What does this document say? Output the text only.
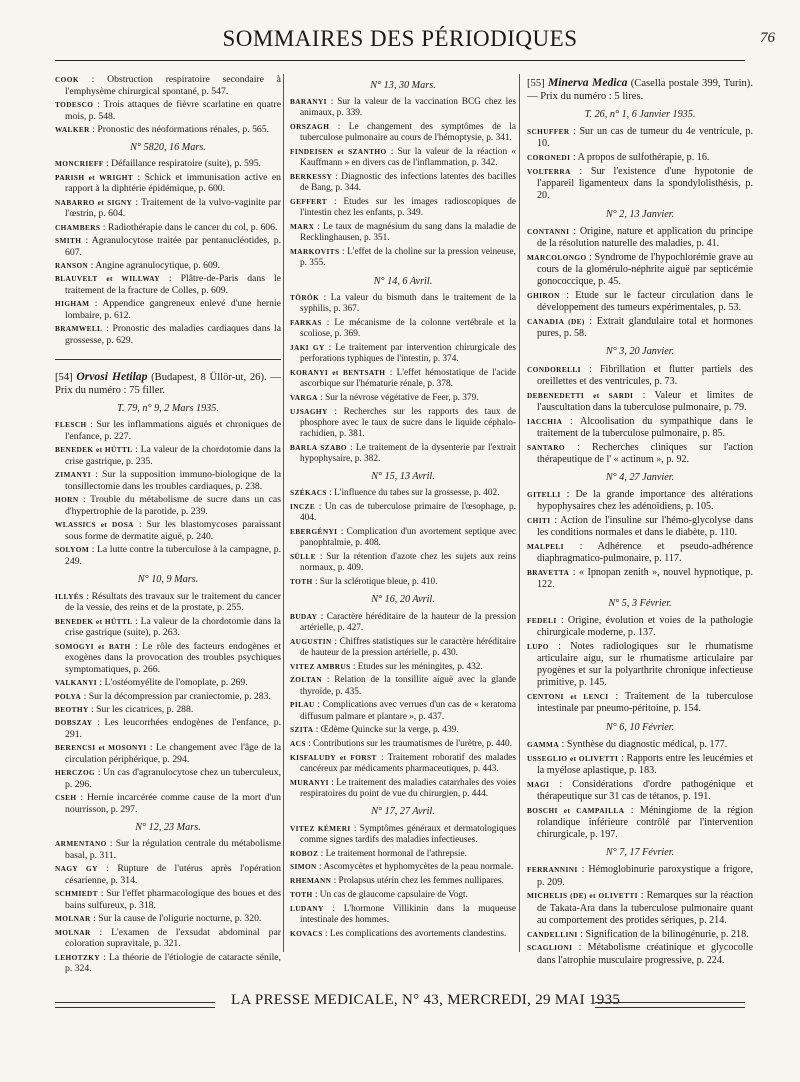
SOMMAIRES DES PÉRIODIQUES	76

COOK : Obstruction respiratoire secondaire à l'emphysème chirurgical spontané, p. 547.

TODESCO : Trois attaques de fièvre scarlatine en quatre mois, p. 548.

WALKER : Pronostic des néoformations rénales, p. 565.

N° 5820, 16 Mars.

MONCRIEFF : Défaillance respiratoire (suite), p. 595.

PARISH et WRIGHT : Schick et immunisation active en rapport à la diphtérie épidémique, p. 600.

NABARRO et SIGNY : Traitement de la vulvo-vaginite par l'œstrin, p. 604.

CHAMBERS : Radiothérapie dans le cancer du col, p. 606.

SMITH : Agranulocytose traitée par pentanucléotides, p. 607.

RANSON : Angine agranulocytique, p. 609.

BLAUVELT et WILLWAY : Plâtre-de-Paris dans le traitement de la fracture de Colles, p. 609.

HIGHAM : Appendice gangreneux enlevé d'une hernie lombaire, p. 612.

BRAMWELL : Pronostic des maladies cardiaques dans la grossesse, p. 629.

[54] Orvosi Hetilap (Budapest, 8 Üllör-ut, 26). — Prix du numéro : 75 filler.

T. 79, n° 9, 2 Mars 1935.

FLESCH : Sur les inflammations aiguës et chroniques de l'enfance, p. 227.

BENEDEK et HÜTTL : La valeur de la chordotomie dans la crise gastrique, p. 235.

ZIMANYI : Sur la supposition immuno-biologique de la tonsillectomie dans les troubles cardiaques, p. 238.

HORN : Trouble du métabolisme de sucre dans un cas d'hypertrophie de la parotide, p. 239.

WLASSICS et DOSA : Sur les blastomycoses paraissant sous forme de dermatite aiguë, p. 240.

SOLYOM : La lutte contre la tuberculose à la campagne, p. 249.

N° 10, 9 Mars.

ILLYÉS : Résultats des travaux sur le traitement du cancer de la vessie, des reins et de la prostate, p. 255.

BENEDEK et HÜTTL : La valeur de la chordotomie dans la crise gastrique (suite), p. 263.

SOMOGYI et BATH : Le rôle des facteurs endogènes et exogènes dans la provocation des troubles psychiques symptomatiques, p. 266.

VALKANYI : L'ostéomyélite de l'omoplate, p. 269.

POLYA : Sur la décompression par craniectomie, p. 283.

BEOTHY : Sur les cicatrices, p. 288.

DOBSZAY : Les leucorrhées endogènes de l'enfance, p. 291.

BERENCSI et MOSONYI : Le changement avec l'âge de la circulation périphérique, p. 294.

HERCZOG : Un cas d'agranulocytose chez un tuberculeux, p. 296.

CSEH : Hernie incarcérée comme cause de la mort d'un nourrisson, p. 297.

N° 12, 23 Mars.

ARMENTANO : Sur la régulation centrale du métabolisme basal, p. 311.

NAGY GY : Rupture de l'utérus après l'opération césarienne, p. 314.

SCHMIEDT : Sur l'effet pharmacologique des boues et des bains sulfureux, p. 318.

MOLNAR : Sur la cause de l'oligurie nocturne, p. 320.

MOLNAR : L'examen de l'exsudat abdominal par coloration supravitale, p. 321.

LEHOTZKY : La théorie de l'étiologie de cataracte sénile, p. 324.

N° 13, 30 Mars.

BARANYI : Sur la valeur de la vaccination BCG chez les animaux, p. 339.

ORSZAGH : Le changement des symptômes de la tuberculose pulmonaire au cours de l'hémoptysie, p. 341.

FINDEISEN et SZANTHO : Sur la valeur de la réaction « Kauffmann » en divers cas de l'inflammation, p. 342.

BERKESSY : Diagnostic des infections latentes des bacilles de Bang, p. 344.

GEFFERT : Etudes sur les images radioscopiques de l'intestin chez les enfants, p. 349.

MARX : Le taux de magnésium du sang dans la maladie de Recklinghausen, p. 351.

MARKOVITS : L'effet de la choline sur la pression veineuse, p. 355.

N° 14, 6 Avril.

TÖRÖK : La valeur du bismuth dans le traitement de la syphilis, p. 367.

FARKAS : Le mécanisme de la colonne vertébrale et la scoliose, p. 369.

JAKI GY : Le traitement par intervention chirurgicale des perforations typhiques de l'intestin, p. 374.

KORANYI et BENTSATH : L'effet hémostatique de l'acide ascorbique sur l'hématurie rénale, p. 378.

VARGA : Sur la névrose végétative de Feer, p. 379.

UJSAGHY : Recherches sur les rapports des taux de phosphore avec le taux de sucre dans le liquide céphalo-rachidien, p. 381.

BARLA SZABO : Le traitement de la dysenterie par l'extrait hypophysaire, p. 382.

N° 15, 13 Avril.

SZÉKACS : L'influence du tabes sur la grossesse, p. 402.

INCZE : Un cas de tuberculose primaire de l'œsophage, p. 404.

EBERGÉNYI : Complication d'un avortement septique avec panophtalmie, p. 408.

SÜLLE : Sur la rétention d'azote chez les sujets aux reins normaux, p. 409.

TOTH : Sur la sclérotique bleue, p. 410.

N° 16, 20 Avril.

BUDAY : Caractère héréditaire de la hauteur de la pression artérielle, p. 427.

AUGUSTIN : Chiffres statistiques sur le caractère héréditaire de hauteur de la pression artérielle, p. 430.

VITEZ AMBRUS : Etudes sur les méningites, p. 432.

ZOLTAN : Relation de la tonsillite aiguë avec la glande thyroïde, p. 435.

PILAU : Complications avec verrues d'un cas de « keratoma diffusum palmare et plantare », p. 437.

SZITA : Œdème Quincke sur la verge, p. 439.

ACS : Contributions sur les traumatismes de l'urètre, p. 440.

KISFALUDY et FORST : Traitement roboratif des malades cancéreux par médicaments pharmaceutiques, p. 443.

MURANYI : Le traitement des maladies catarrhales des voies respiratoires du point de vue du chirurgien, p. 444.

N° 17, 27 Avril.

VITEZ KÉMERI : Symptômes généraux et dermatologiques comme signes tardifs des maladies infectieuses.

ROBOZ : Le traitement hormonal de l'athrepsie.

SIMON : Ascomycètes et hyphomycètes de la peau normale.

RHEMANN : Prolapsus utérin chez les femmes nullipares.

TOTH : Un cas de glaucome capsulaire de Vogt.

LUDANY : L'hormone Villikinin dans la muqueuse intestinale des hommes.

KOVACS : Les complications des avortements clandestins.

[55] Minerva Medica (Casella postale 399, Turin). — Prix du numéro : 5 lires.

T. 26, n° 1, 6 Janvier 1935.

SCHUFFER : Sur un cas de tumeur du 4e ventricule, p. 10.

CORONEDI : A propos de sulfothérapie, p. 16.

VOLTERRA : Sur l'existence d'une hypotonie de l'appareil ligamenteux dans la spondylolisthésis, p. 20.

N° 2, 13 Janvier.

CONTANNI : Origine, nature et application du principe de la résolution naturelle des maladies, p. 41.

MARCOLONGO : Syndrome de l'hypochlorémie grave au cours de la glomérulo-néphrite aiguë par septicémie gonococcique, p. 45.

GHIRON : Etude sur le facteur circulation dans le développement des tumeurs expérimentales, p. 53.

CANADIA (DE) : Extrait glandulaire total et hormones pures, p. 58.

N° 3, 20 Janvier.

CONDORELLI : Fibrillation et flutter partiels des oreillettes et des ventricules, p. 73.

DEBENEDETTI et SARDI : Valeur et limites de l'auscultation dans la tuberculose pulmonaire, p. 79.

IACCHIA : Alcoolisation du sympathique dans le traitement de la tuberculose pulmonaire, p. 85.

SANTARO : Recherches cliniques sur l'action thérapeutique de l' « actinum », p. 92.

N° 4, 27 Janvier.

GITELLI : De la grande importance des altérations hypophysaires chez les adénoïdiens, p. 105.

CHITI : Action de l'insuline sur l'hémo-glycolyse dans les conditions normales et dans le diabète, p. 110.

MALPELI : Adhérence et pseudo-adhérence diaphragmatico-pulmonaire, p. 117.

BRAVETTA : « Ipnopan zenith », nouvel hypnotique, p. 122.

N° 5, 3 Février.

FEDELI : Origine, évolution et voies de la pathologie chirurgicale moderne, p. 137.

LUPO : Notes radiologiques sur le rhumatisme articulaire aigu, sur le rhumatisme articulaire par pyogènes et sur la polyarthrite chronique infectieuse primitive, p. 145.

CENTONI et LENCI : Traitement de la tuberculose intestinale par pneumo-péritoine, p. 154.

N° 6, 10 Février.

GAMMA : Synthèse du diagnostic médical, p. 177.

USSEGLIO et OLIVETTI : Rapports entre les leucémies et la myélose aplastique, p. 183.

MAGI : Considérations d'ordre pathogénique et thérapeutique sur 31 cas de tétanos, p. 191.

BOSCHI et CAMPAILLA : Méningiome de la région rolandique inférieure contrôlé par l'intervention chirurgicale, p. 197.

N° 7, 17 Février.

FERRANNINI : Hémoglobinurie paroxystique a frigore, p. 209.

MICHELIS (DE) et OLIVETTI : Remarques sur la réaction de Takata-Ara dans la tuberculose pulmonaire quant au comportement des protides sériques, p. 214.

CANDELLINI : Signification de la bilinogénurie, p. 218.

SCAGLIONI : Métabolisme créatinique et glycocolle dans l'atrophie musculaire progressive, p. 224.

LA PRESSE MEDICALE, N° 43, MERCREDI, 29 MAI 1935
